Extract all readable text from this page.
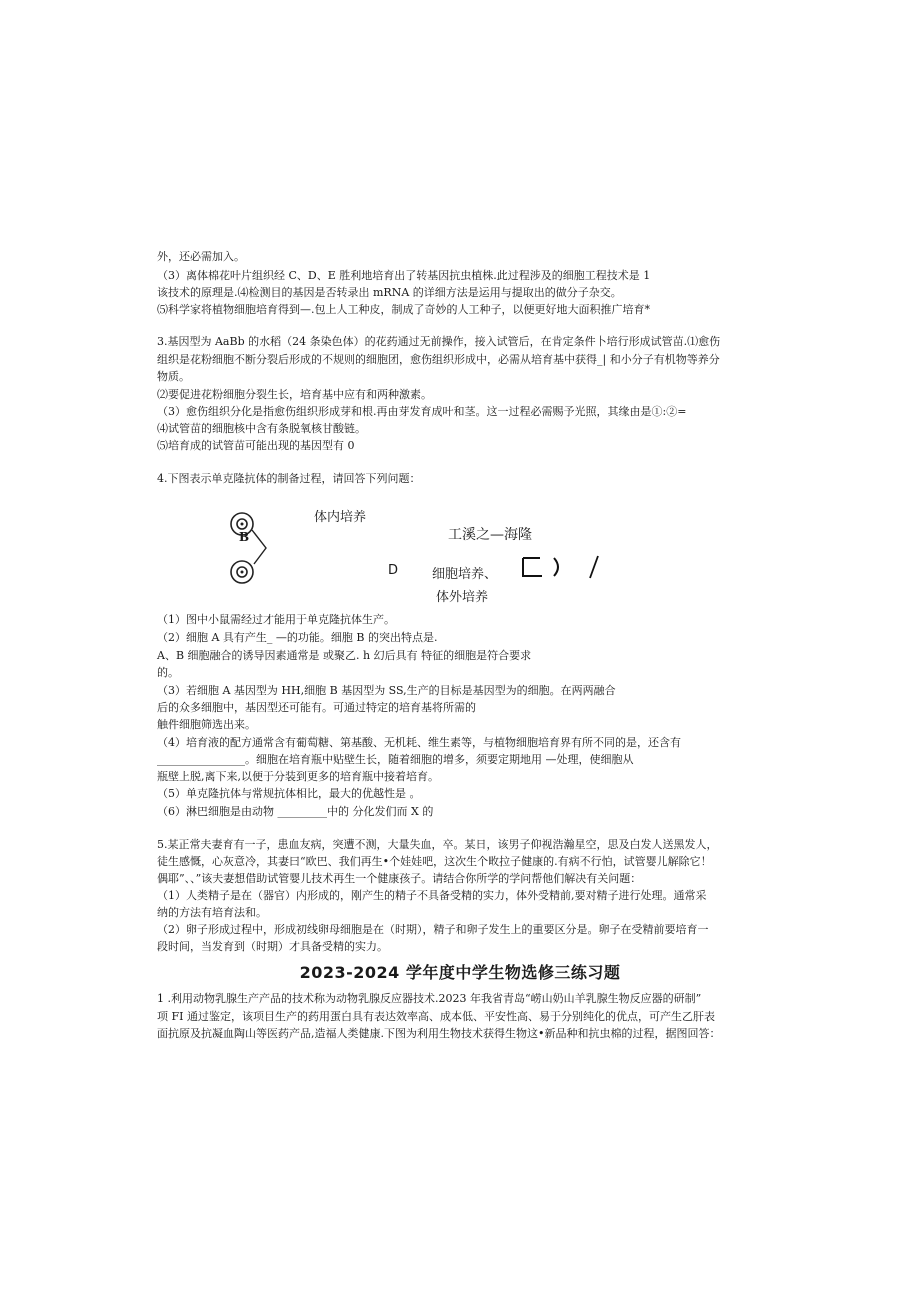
外，还必需加入。
（3）离体棉花叶片组织经 C、D、E 胜利地培育出了转基因抗虫植株.此过程涉及的细胞工程技术是 1
该技术的原理是.⑷检测目的基因是否转录出 mRNA 的详细方法是运用与提取出的做分子杂交。
⑸科学家将植物细胞培育得到—.包上人工种皮，制成了奇妙的人工种子，以便更好地大面积推广培育*
3.基因型为 AaBb 的水稻（24 条染色体）的花药通过无前操作，接入试管后，在肯定条件卜培行形成试管苗.⑴愈伤
组织是花粉细胞不断分裂后形成的不规则的细胞团，愈伤组织形成中，必需从培育基中获得_| 和小分子有机物等养分
物质。
⑵要促进花粉细胞分裂生长，培育基中应有和两种激素。
（3）愈伤组织分化是指愈伤组织形成芽和根.再由芽发育成叶和茎。这一过程必需赐予光照，其缘由是①:②=
⑷试管苗的细胞核中含有条脱氧核甘酸链。
⑸培育成的试管苗可能出现的基因型有 0
4.下图表示单克隆抗体的制备过程，请回答下列问题：
B
体内培养
工溪之—海隆
D	细胞培养、
体外培养
（1）图中小鼠需经过才能用于单克隆抗体生产。
（2）细胞 A 具有产生_ —的功能。细胞 B 的突出特点是.
A、B 细胞融合的诱导因素通常是 或聚乙. h 幻后具有 特征的细胞是符合要求
的。
（3）若细胞 A 基因型为 HH,细胞 B 基因型为 SS,生产的目标是基因型为的细胞。在两两融合
后的众多细胞中，基因型还可能有。可通过特定的培育基将所需的
触件细胞筛选出来。
（4）培育液的配方通常含有葡萄糖、第基酸、无机耗、维生素等，与植物细胞培育界有所不同的是，还含有
________________。细胞在培育瓶中贴壁生长，随着细胞的增多，须要定期地用 —处理，使细胞从
瓶壁上脱,离下来,以便于分装到更多的培育瓶中接着培育。
（5）单克隆抗体与常规抗体相比，最大的优越性是 。
（6）淋巴细胞是由动物 _________中的 分化发们而 X 的
5.某正常夫妻育有一子，患血友病，突遭不测，大量失血，卒。某日，该男子仰视浩瀚星空，思及白发人送黑发人，
徒生感慨，心灰意冷，其妻曰“欧巴、我们再生•个娃娃吧，这次生个畋拉子健康的.有病不行怕，试管婴儿解除它！
偶耶”、、”该夫妻想借助试管婴儿技术再生一个健康孩子。请结合你所学的学问帮他们解决有关问题：
（1）人类精子是在（器官）内形成的，刚产生的精子不具备受精的实力，体外受精前,要对精子进行处理。通常采
纳的方法有培育法和。
（2）卵子形成过程中，形成初线卵母细胞是在（时期），精子和卵子发生上的重要区分是。卵子在受精前要培育一
段时间，当发育到（时期）才具备受精的实力。
2023-2024 学年度中学生物选修三练习题
1 .利用动物乳腺生产产品的技术称为动物乳腺反应器技术.2023 年我省青岛“崂山奶山羊乳腺生物反应器的研制”
项 FI 通过鉴定，该项目生产的药用蛋白具有表达效率高、成本低、平安性高、易于分别纯化的优点，可产生乙肝表
面抗原及抗凝血陶山等医药产品,造福人类健康.下图为利用生物技术获得生物这•新品种和抗虫棉的过程，据图回答：
